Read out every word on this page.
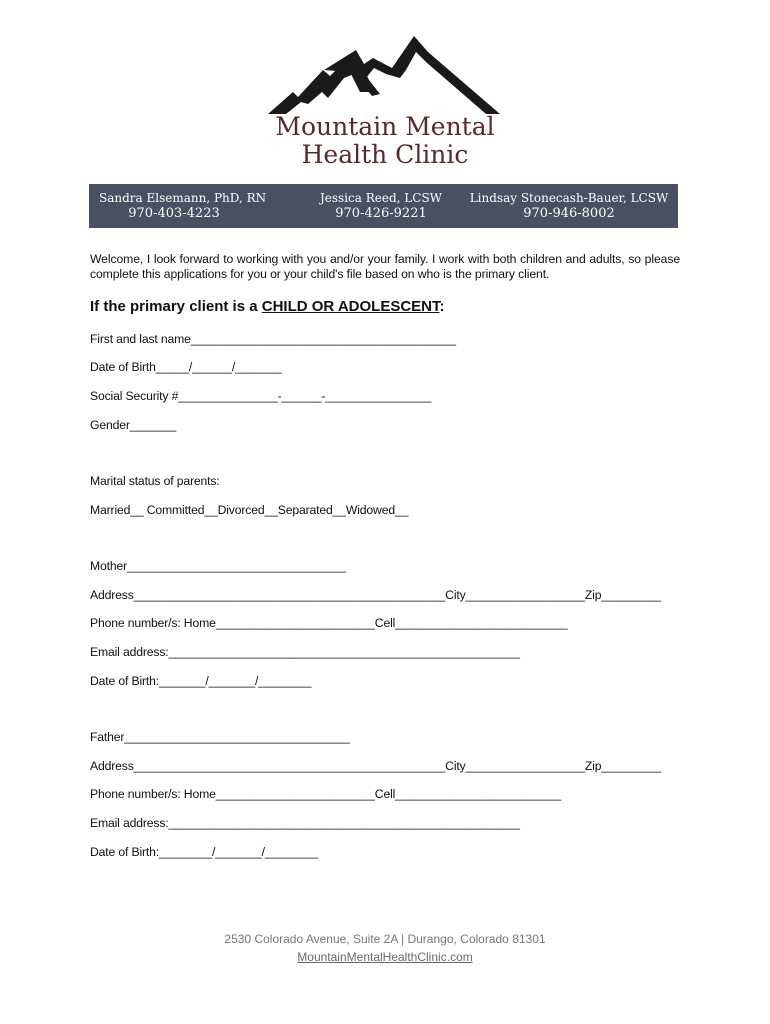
Mountain Mental
Health Clinic
Sandra Elsemann, PhD, RN
970-403-4223
Jessica Reed, LCSW
970-426-9221
Lindsay Stonecash-Bauer, LCSW
970-946-8002
Welcome, I look forward to working with you and/or your family. I work with both children and adults, so please complete this applications for you or your child's file based on who is the primary client.
If the primary client is a CHILD OR ADOLESCENT:
First and last name________________________________________
Date of Birth_____/______/_______
Social Security #_______________-______-________________
Gender_______
Marital status of parents:
Married__ Committed__Divorced__Separated__Widowed__
Mother_________________________________
Address_______________________________________________City__________________Zip_________
Phone number/s: Home________________________Cell__________________________
Email address:_____________________________________________________
Date of Birth:_______/_______/________
Father__________________________________
Address_______________________________________________City__________________Zip_________
Phone number/s: Home________________________Cell_________________________
Email address:_____________________________________________________
Date of Birth:________/_______/________
2530 Colorado Avenue, Suite 2A | Durango, Colorado 81301
MountainMentalHealthClinic.com
